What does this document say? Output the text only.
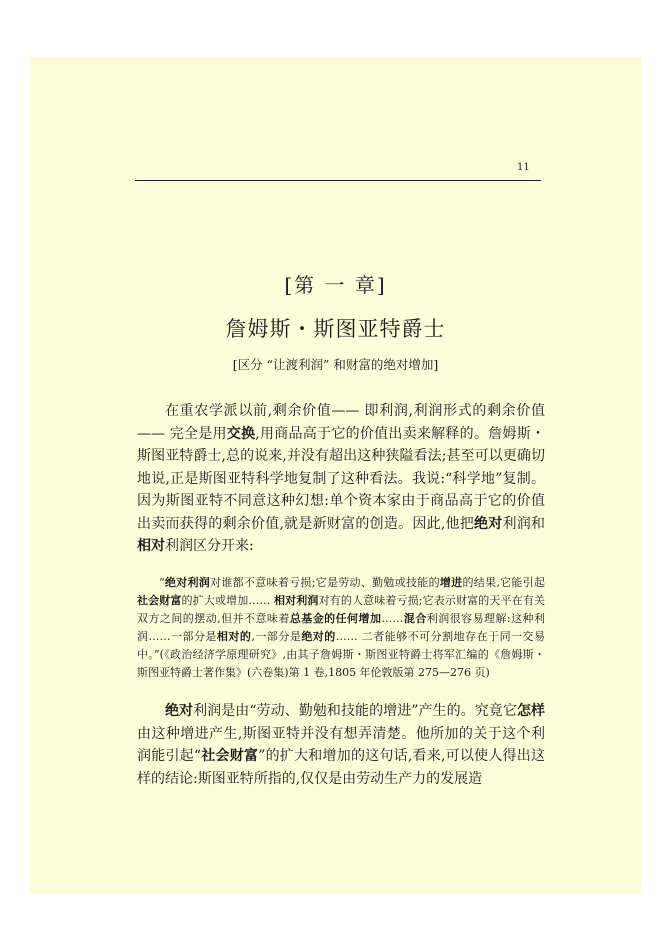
11
[第 一 章]
詹姆斯・斯图亚特爵士
[区分 “让渡利润” 和财富的绝对增加]

在重农学派以前,剩余价值—— 即利润,利润形式的剩余价值 —— 完全是用交换,用商品高于它的价值出卖来解释的。詹姆斯・斯图亚特爵士,总的说来,并没有超出这种狭隘看法;甚至可以更确切地说,正是斯图亚特科学地复制了这种看法。我说:“科学地”复制。因为斯图亚特不同意这种幻想:单个资本家由于商品高于它的价值出卖而获得的剩余价值,就是新财富的创造。因此,他把绝对利润和相对利润区分开来:

“绝对利润对谁都不意味着亏损;它是劳动、勤勉或技能的增进的结果,它能引起社会财富的扩大或增加…… 相对利润对有的人意味着亏损;它表示财富的天平在有关双方之间的摆动,但并不意味着总基金的任何增加……混合利润很容易理解:这种利润……一部分是相对的,一部分是绝对的…… 二者能够不可分割地存在于同一交易中。”(《政治经济学原理研究》,由其子詹姆斯・斯图亚特爵士将军汇编的《詹姆斯・斯图亚特爵士著作集》(六卷集)第 1 卷,1805 年伦敦版第 275—276 页)

绝对利润是由“劳动、勤勉和技能的增进”产生的。究竟它怎样由这种增进产生,斯图亚特并没有想弄清楚。他所加的关于这个利润能引起“社会财富”的扩大和增加的这句话,看来,可以使人得出这样的结论:斯图亚特所指的,仅仅是由劳动生产力的发展造
